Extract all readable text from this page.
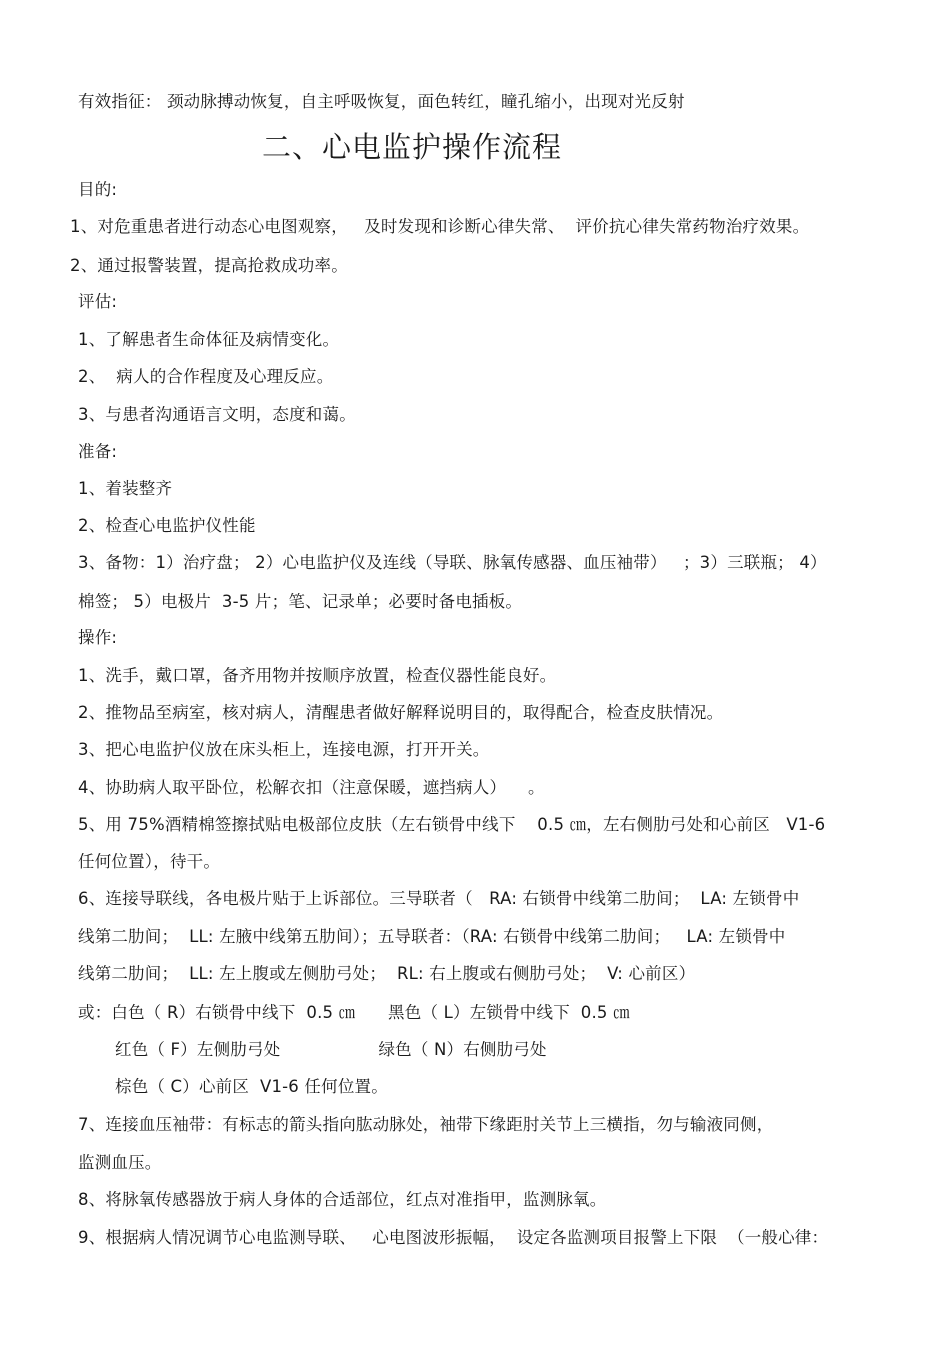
有效指征： 颈动脉搏动恢复，自主呼吸恢复，面色转红，瞳孔缩小，出现对光反射
二、心电监护操作流程
目的:
1、对危重患者进行动态心电图观察，   及时发现和诊断心律失常、  评价抗心律失常药物治疗效果。
2、通过报警装置，提高抢救成功率。
评估:
1、了解患者生命体征及病情变化。
2、  病人的合作程度及心理反应。
3、与患者沟通语言文明，态度和蔼。
准备:
1、着装整齐
2、检查心电监护仪性能
3、备物：1）治疗盘； 2）心电监护仪及连线（导联、脉氧传感器、血压袖带）   ；3）三联瓶； 4）
棉签； 5）电极片  3-5 片；笔、记录单；必要时备电插板。
操作:
1、洗手，戴口罩，备齐用物并按顺序放置，检查仪器性能良好。
2、推物品至病室，核对病人，清醒患者做好解释说明目的，取得配合，检查皮肤情况。
3、把心电监护仪放在床头柜上，连接电源，打开开关。
4、协助病人取平卧位，松解衣扣（注意保暖，遮挡病人）    。
5、用 75%酒精棉签擦拭贴电极部位皮肤（左右锁骨中线下    0.5 ㎝，左右侧肋弓处和心前区   V1-6
任何位置），待干。
6、连接导联线，各电极片贴于上诉部位。三导联者（   RA: 右锁骨中线第二肋间；  LA: 左锁骨中
线第二肋间；  LL: 左腋中线第五肋间）；五导联者：（RA: 右锁骨中线第二肋间；   LA: 左锁骨中
线第二肋间；  LL: 左上腹或左侧肋弓处；  RL: 右上腹或右侧肋弓处；  V: 心前区）
或：白色（ R）右锁骨中线下  0.5 ㎝      黑色（ L）左锁骨中线下  0.5 ㎝
红色（ F）左侧肋弓处                  绿色（ N）右侧肋弓处
棕色（ C）心前区  V1-6 任何位置。
7、连接血压袖带：有标志的箭头指向肱动脉处，袖带下缘距肘关节上三横指，勿与输液同侧，
监测血压。
8、将脉氧传感器放于病人身体的合适部位，红点对准指甲，监测脉氧。
9、根据病人情况调节心电监测导联、   心电图波形振幅，  设定各监测项目报警上下限  （一般心律：
